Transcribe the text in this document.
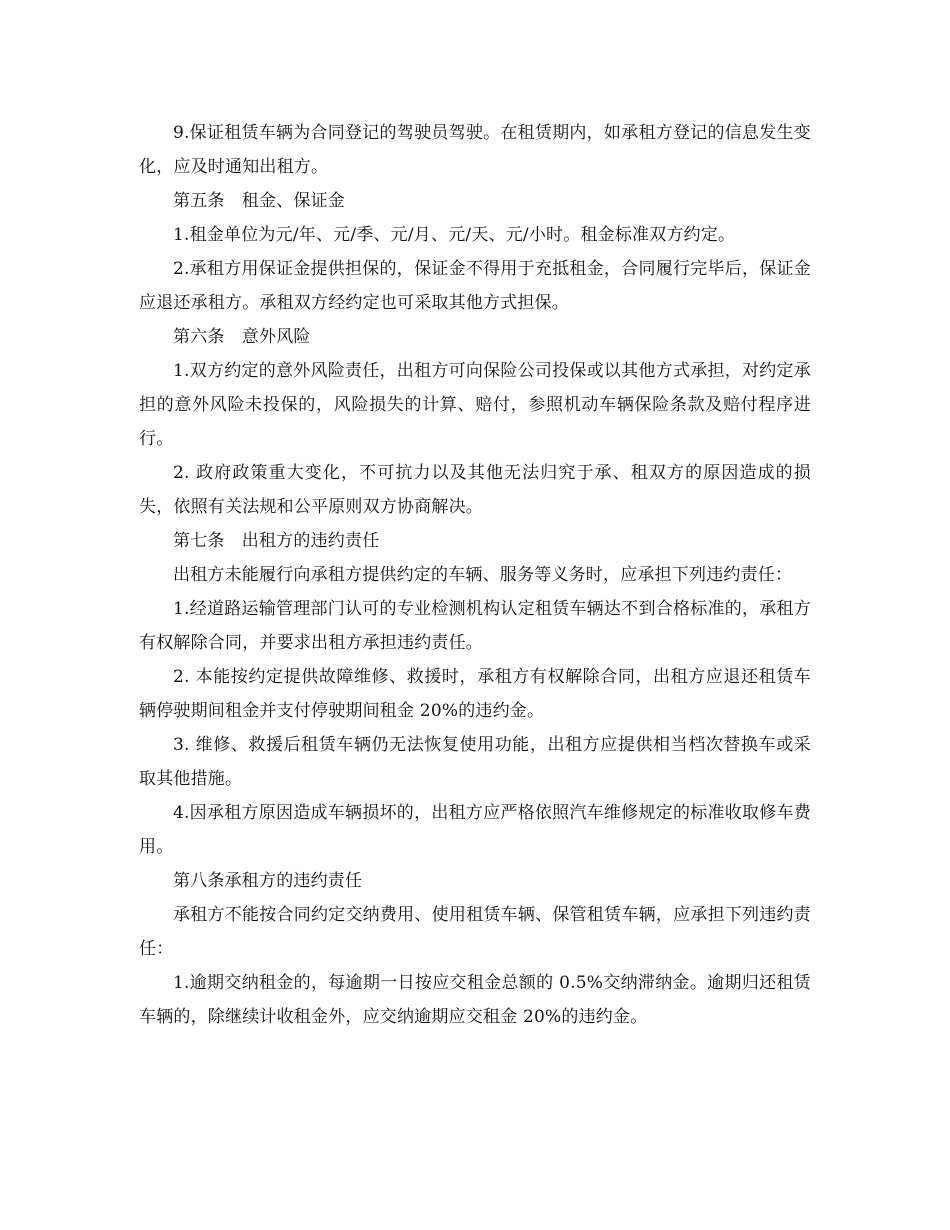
9.保证租赁车辆为合同登记的驾驶员驾驶。在租赁期内，如承租方登记的信息发生变化，应及时通知出租方。

第五条　租金、保证金

1.租金单位为元/年、元/季、元/月、元/天、元/小时。租金标准双方约定。

2.承租方用保证金提供担保的，保证金不得用于充抵租金，合同履行完毕后，保证金应退还承租方。承租双方经约定也可采取其他方式担保。

第六条　意外风险

1.双方约定的意外风险责任，出租方可向保险公司投保或以其他方式承担，对约定承担的意外风险未投保的，风险损失的计算、赔付，参照机动车辆保险条款及赔付程序进行。

2. 政府政策重大变化，不可抗力以及其他无法归究于承、租双方的原因造成的损失，依照有关法规和公平原则双方协商解决。

第七条　出租方的违约责任

出租方未能履行向承租方提供约定的车辆、服务等义务时，应承担下列违约责任：

1.经道路运输管理部门认可的专业检测机构认定租赁车辆达不到合格标准的，承租方有权解除合同，并要求出租方承担违约责任。

2. 本能按约定提供故障维修、救援时，承租方有权解除合同，出租方应退还租赁车辆停驶期间租金并支付停驶期间租金 20%的违约金。

3. 维修、救援后租赁车辆仍无法恢复使用功能，出租方应提供相当档次替换车或采取其他措施。

4.因承租方原因造成车辆损坏的，出租方应严格依照汽车维修规定的标准收取修车费用。

第八条承租方的违约责任

承租方不能按合同约定交纳费用、使用租赁车辆、保管租赁车辆，应承担下列违约责任：

1.逾期交纳租金的，每逾期一日按应交租金总额的 0.5%交纳滞纳金。逾期归还租赁车辆的，除继续计收租金外，应交纳逾期应交租金 20%的违约金。
